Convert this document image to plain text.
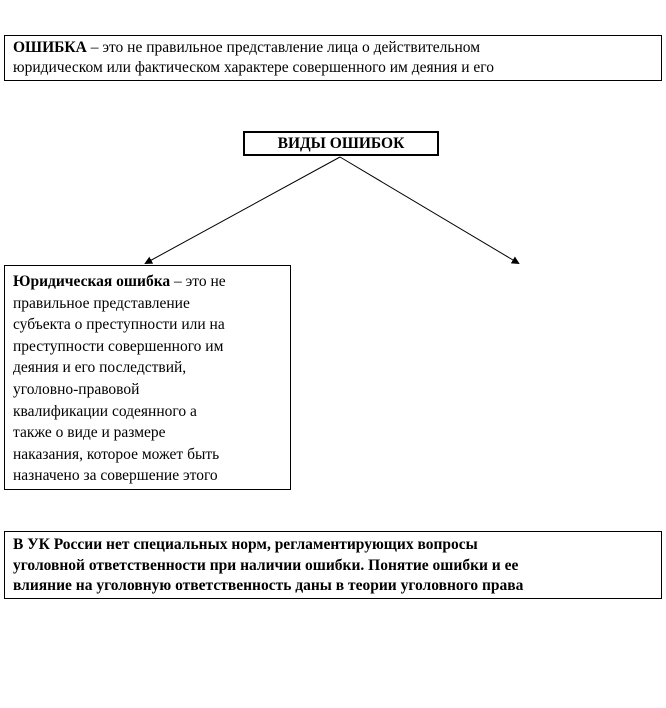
ОШИБКА – это не правильное представление лица о действительном
юридическом или фактическом характере совершенного им деяния и его
ВИДЫ ОШИБОК
Юридическая ошибка – это не
правильное представление
субъекта о преступности или на
преступности совершенного им
деяния и его последствий,
уголовно-правовой
квалификации содеянного а
также о виде и размере
наказания, которое может быть
назначено за совершение этого
В УК России нет специальных норм, регламентирующих вопросы
уголовной ответственности при наличии ошибки. Понятие ошибки и ее
влияние на уголовную ответственность даны в теории уголовного права
